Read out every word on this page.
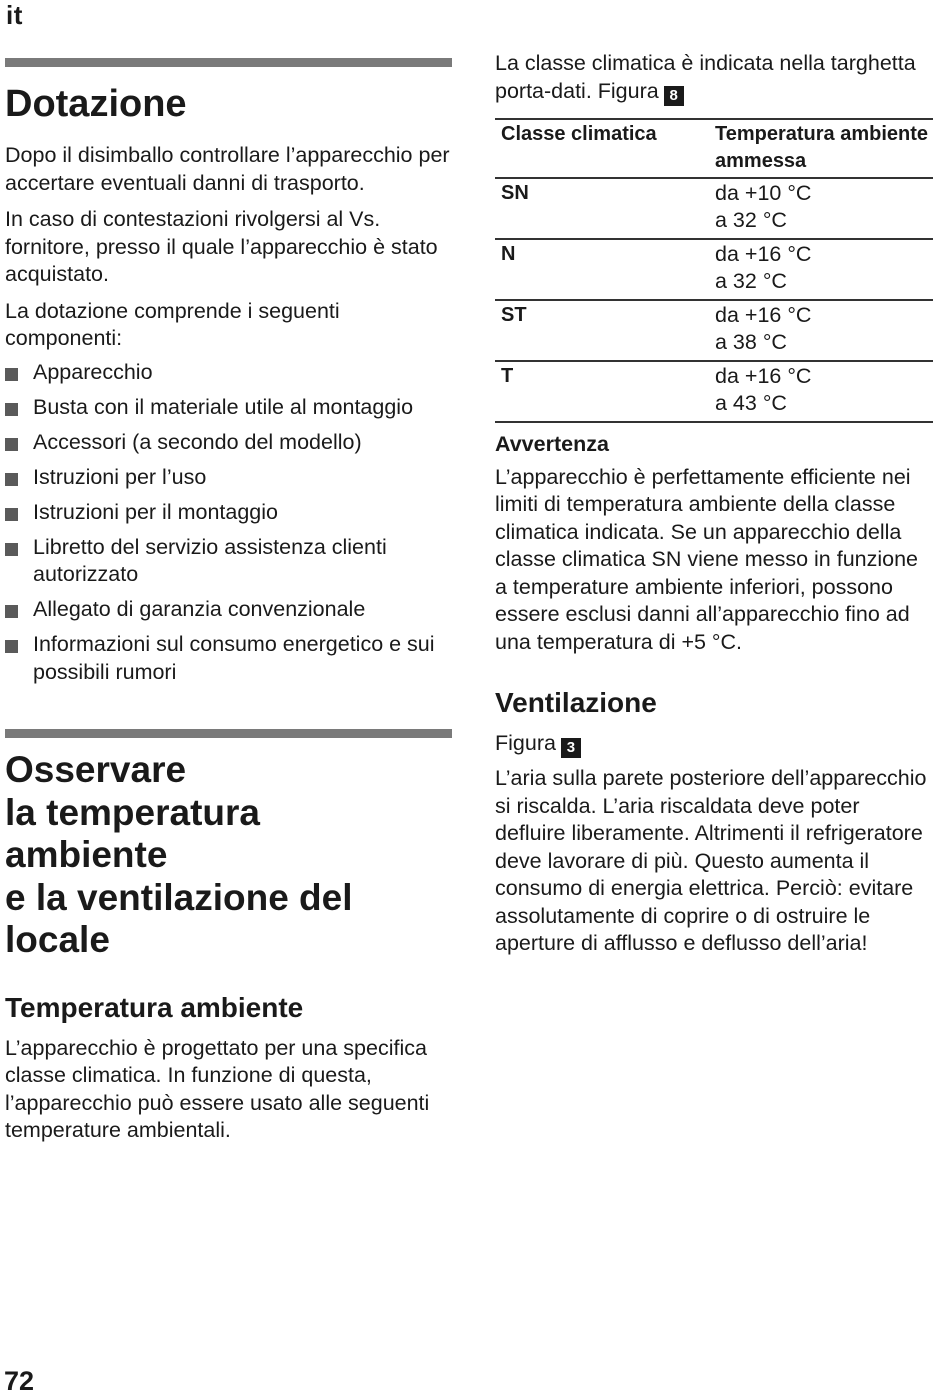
it
Dotazione

Dopo il disimballo controllare l’apparecchio per accertare eventuali danni di trasporto.

In caso di contestazioni rivolgersi al Vs. fornitore, presso il quale l’apparecchio è stato acquistato.

La dotazione comprende i seguenti componenti:

Apparecchio
Busta con il materiale utile al montaggio
Accessori (a secondo del modello)
Istruzioni per l’uso
Istruzioni per il montaggio
Libretto del servizio assistenza clienti autorizzato
Allegato di garanzia convenzionale
Informazioni sul consumo energetico e sui possibili rumori
Osservare
la temperatura
ambiente
e la ventilazione del
locale
Temperatura ambiente

L’apparecchio è progettato per una specifica classe climatica. In funzione di questa, l’apparecchio può essere usato alle seguenti temperature ambientali.

La classe climatica è indicata nella targhetta porta-dati. Figura 8

Classe climatica	Temperatura ambiente ammessa
SN	da +10 °C
a 32 °C
N	da +16 °C
a 32 °C
ST	da +16 °C
a 38 °C
T	da +16 °C
a 43 °C
Avvertenza

L’apparecchio è perfettamente efficiente nei limiti di temperatura ambiente della classe climatica indicata. Se un apparecchio della classe climatica SN viene messo in funzione a temperature ambiente inferiori, possono essere esclusi danni all’apparecchio fino ad una temperatura di +5 °C.

Ventilazione

Figura 3

L’aria sulla parete posteriore dell’apparecchio si riscalda. L’aria riscaldata deve poter defluire liberamente. Altrimenti il refrigeratore deve lavorare di più. Questo aumenta il consumo di energia elettrica. Perciò: evitare assolutamente di coprire o di ostruire le aperture di afflusso e deflusso dell’aria!

72
